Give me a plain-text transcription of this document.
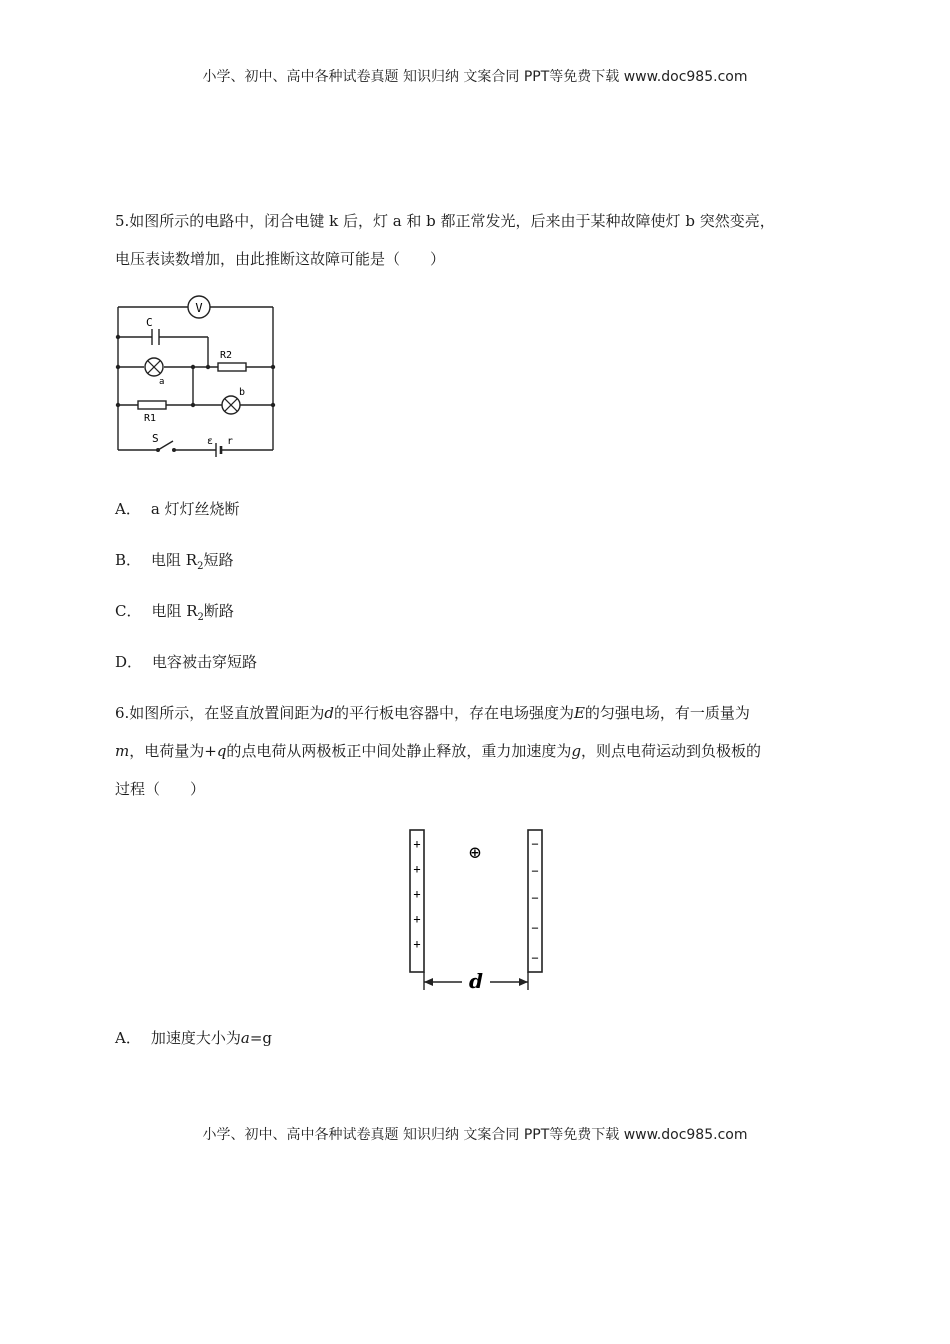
小学、初中、高中各种试卷真题 知识归纳 文案合同 PPT等免费下载 www.doc985.com
5.如图所示的电路中，闭合电键 k 后，灯 a 和 b 都正常发光，后来由于某种故障使灯 b 突然变亮，
电压表读数增加，由此推断这故障可能是（　　）
V
C
R2
a
b
R1
S	ε r
A． a 灯灯丝烧断
B． 电阻 $R_2$短路
C． 电阻 $R_2$断路
D． 电容被击穿短路
6.如图所示，在竖直放置间距为d的平行板电容器中，存在电场强度为E的匀强电场，有一质量为
m，电荷量为+q的点电荷从两极板正中间处静止释放，重力加速度为g，则点电荷运动到负极板的
过程（　　）
+
+
+
+
+
−
−
−
−
−
⊕
d
A． 加速度大小为a=g
小学、初中、高中各种试卷真题 知识归纳 文案合同 PPT等免费下载 www.doc985.com
